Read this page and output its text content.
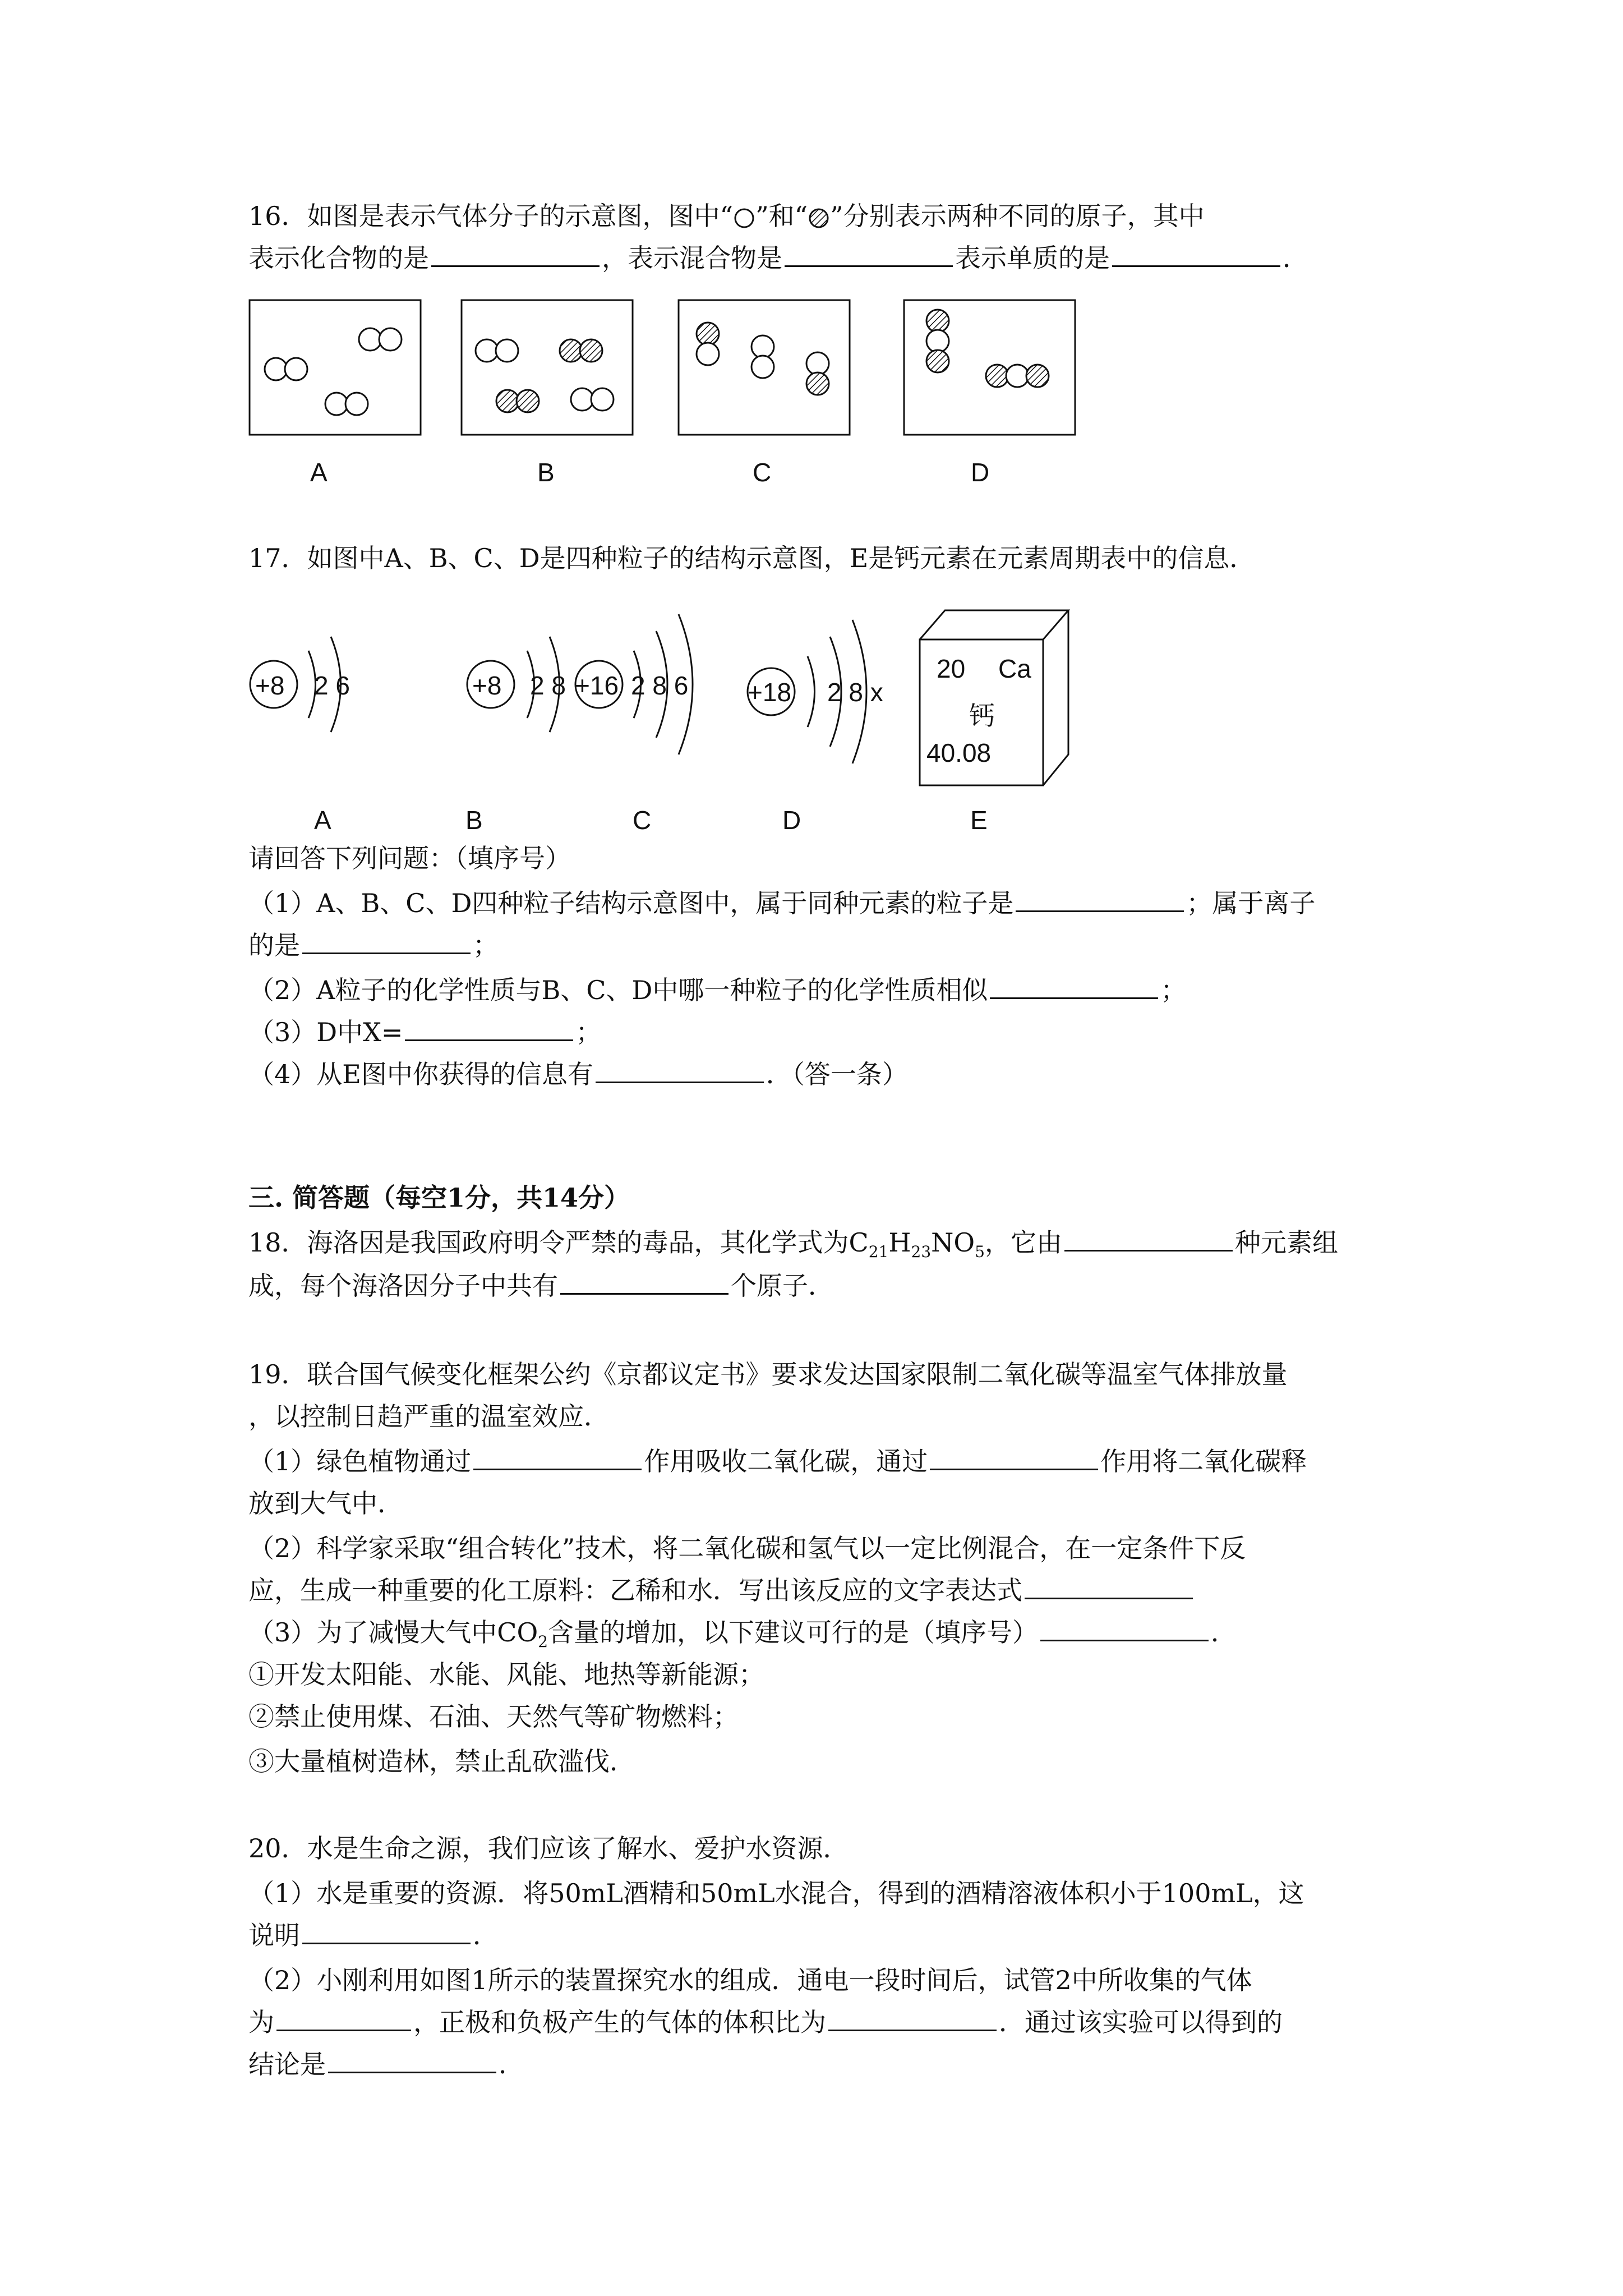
16．如图是表示气体分子的示意图，图中“ ”和“ ”分别表示两种不同的原子，其中
表示化合物的是	，表示混合物是	表示单质的是	．
A	B	C	D
17．如图中A、B、C、D是四种粒子的结构示意图，E是钙元素在元素周期表中的信息．
+8 2 6	+8 2 8 +16 2 8 6 +18 2 8 x
20 Ca
钙
40.08
A	B	C	D	E
请回答下列问题：（填序号）
（1）A、B、C、D四种粒子结构示意图中，属于同种元素的粒子是	；属于离子
的是	；
（2）A粒子的化学性质与B、C、D中哪一种粒子的化学性质相似	；
（3）D中X=	；
（4）从E图中你获得的信息有	．（答一条）
三. 简答题（每空1分，共14分）
18．海洛因是我国政府明令严禁的毒品，其化学式为$C_{21}H_{23}NO_5$，它由	种元素组
成，每个海洛因分子中共有	个原子．
19．联合国气候变化框架公约《京都议定书》要求发达国家限制二氧化碳等温室气体排放量
，以控制日趋严重的温室效应．
（1）绿色植物通过	作用吸收二氧化碳，通过	作用将二氧化碳释
放到大气中．
（2）科学家采取“组合转化”技术，将二氧化碳和氢气以一定比例混合，在一定条件下反
应，生成一种重要的化工原料：乙稀和水．写出该反应的文字表达式
（3）为了减慢大气中$CO_2$含量的增加，以下建议可行的是（填序号）	．
①开发太阳能、水能、风能、地热等新能源；
②禁止使用煤、石油、天然气等矿物燃料；
③大量植树造林，禁止乱砍滥伐．
20．水是生命之源，我们应该了解水、爱护水资源．
（1）水是重要的资源．将50mL酒精和50mL水混合，得到的酒精溶液体积小于100mL，这
说明	．
（2）小刚利用如图1所示的装置探究水的组成．通电一段时间后，试管2中所收集的气体
为	，正极和负极产生的气体的体积比为	．通过该实验可以得到的
结论是	．
